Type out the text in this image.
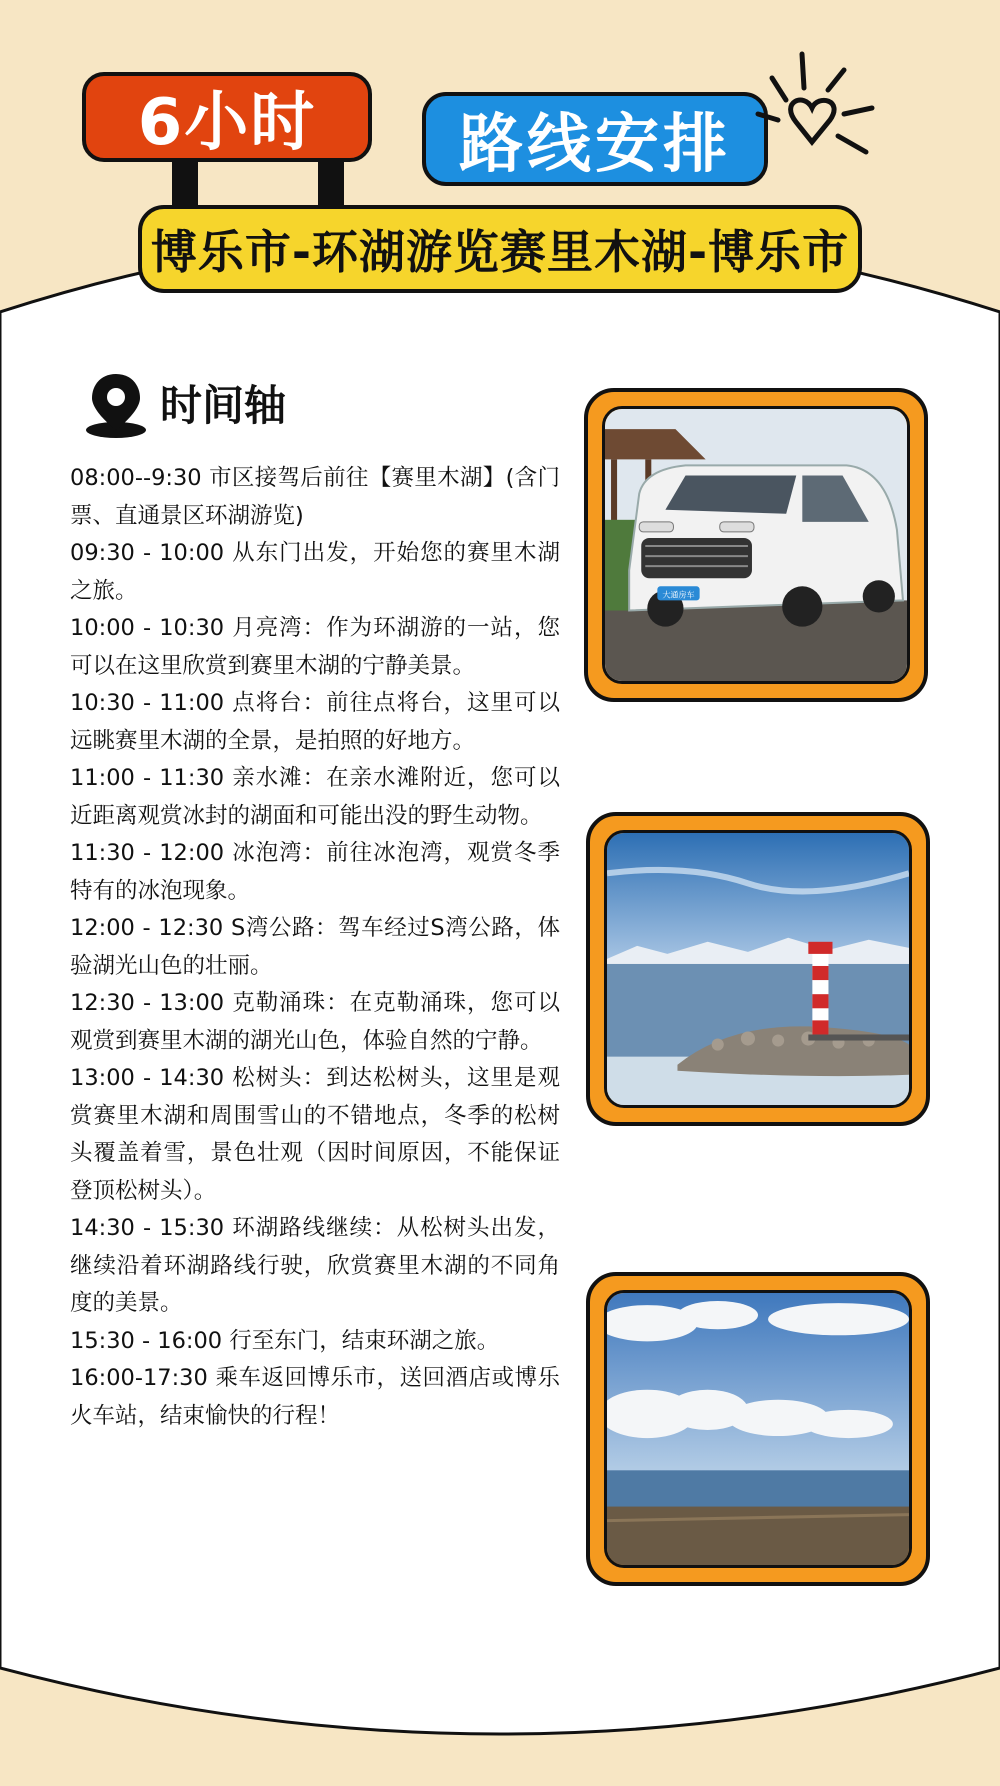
6小时 路线安排
博乐市-环湖游览赛里木湖-博乐市
时间轴

08:00--9:30 市区接驾后前往【赛里木湖】(含门票、直通景区环湖游览)

09:30 - 10:00 从东门出发，开始您的赛里木湖之旅。

10:00 - 10:30 月亮湾：作为环湖游的一站，您可以在这里欣赏到赛里木湖的宁静美景。

10:30 - 11:00 点将台：前往点将台，这里可以远眺赛里木湖的全景，是拍照的好地方。

11:00 - 11:30 亲水滩：在亲水滩附近，您可以近距离观赏冰封的湖面和可能出没的野生动物。

11:30 - 12:00 冰泡湾：前往冰泡湾，观赏冬季特有的冰泡现象。

12:00 - 12:30 S湾公路：驾车经过S湾公路，体验湖光山色的壮丽。

12:30 - 13:00 克勒涌珠：在克勒涌珠，您可以观赏到赛里木湖的湖光山色，体验自然的宁静。

13:00 - 14:30 松树头：到达松树头，这里是观赏赛里木湖和周围雪山的不错地点，冬季的松树头覆盖着雪，景色壮观（因时间原因，不能保证登顶松树头）。

14:30 - 15:30 环湖路线继续：从松树头出发，继续沿着环湖路线行驶，欣赏赛里木湖的不同角度的美景。

15:30 - 16:00 行至东门，结束环湖之旅。

16:00-17:30 乘车返回博乐市，送回酒店或博乐火车站，结束愉快的行程！

大通房车
